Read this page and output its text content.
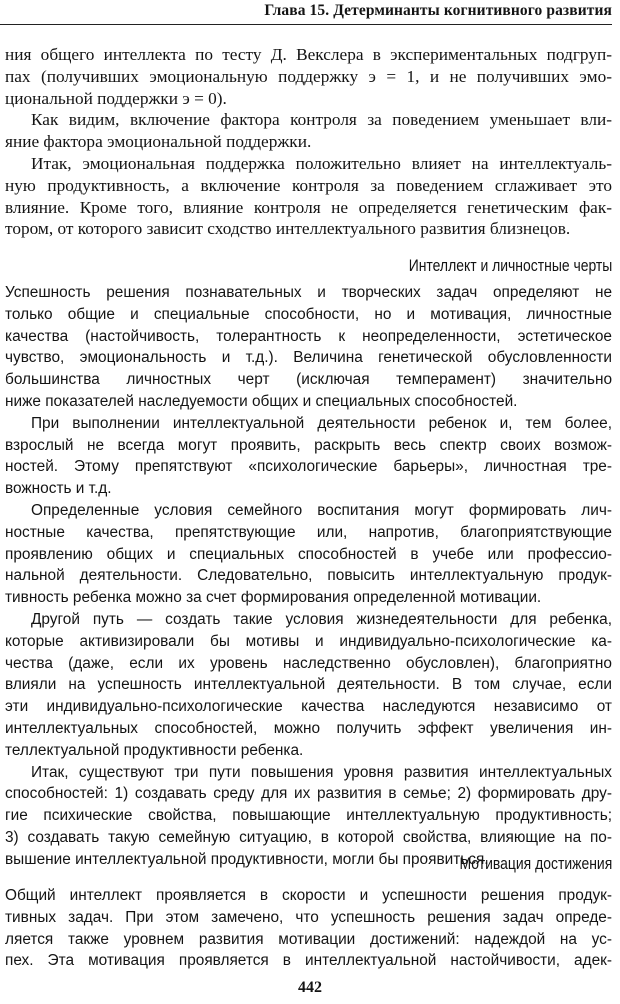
Глава 15. Детерминанты когнитивного развития
ния общего интеллекта по тесту Д. Векслера в экспериментальных подгруп-
пах (получивших эмоциональную поддержку э = 1, и не получивших эмо-
циональной поддержки э = 0).
Как видим, включение фактора контроля за поведением уменьшает вли-
яние фактора эмоциональной поддержки.
Итак, эмоциональная поддержка положительно влияет на интеллектуаль-
ную продуктивность, а включение контроля за поведением сглаживает это
влияние. Кроме того, влияние контроля не определяется генетическим фак-
тором, от которого зависит сходство интеллектуального развития близнецов.
Интеллект и личностные черты
Успешность решения познавательных и творческих задач определяют не
только общие и специальные способности, но и мотивация, личностные
качества (настойчивость, толерантность к неопределенности, эстетическое
чувство, эмоциональность и т.д.). Величина генетической обусловленности
большинства личностных черт (исключая темперамент) значительно
ниже показателей наследуемости общих и специальных способностей.
При выполнении интеллектуальной деятельности ребенок и, тем более,
взрослый не всегда могут проявить, раскрыть весь спектр своих возмож-
ностей. Этому препятствуют «психологические барьеры», личностная тре-
вожность и т.д.
Определенные условия семейного воспитания могут формировать лич-
ностные качества, препятствующие или, напротив, благоприятствующие
проявлению общих и специальных способностей в учебе или профессио-
нальной деятельности. Следовательно, повысить интеллектуальную продук-
тивность ребенка можно за счет формирования определенной мотивации.
Другой путь — создать такие условия жизнедеятельности для ребенка,
которые активизировали бы мотивы и индивидуально-психологические ка-
чества (даже, если их уровень наследственно обусловлен), благоприятно
влияли на успешность интеллектуальной деятельности. В том случае, если
эти индивидуально-психологические качества наследуются независимо от
интеллектуальных способностей, можно получить эффект увеличения ин-
теллектуальной продуктивности ребенка.
Итак, существуют три пути повышения уровня развития интеллектуальных
способностей: 1) создавать среду для их развития в семье; 2) формировать дру-
гие психические свойства, повышающие интеллектуальную продуктивность;
3) создавать такую семейную ситуацию, в которой свойства, влияющие на по-
вышение интеллектуальной продуктивности, могли бы проявиться.
Мотивация достижения
Общий интеллект проявляется в скорости и успешности решения продук-
тивных задач. При этом замечено, что успешность решения задач опреде-
ляется также уровнем развития мотивации достижений: надеждой на ус-
пех. Эта мотивация проявляется в интеллектуальной настойчивости, адек-
442
